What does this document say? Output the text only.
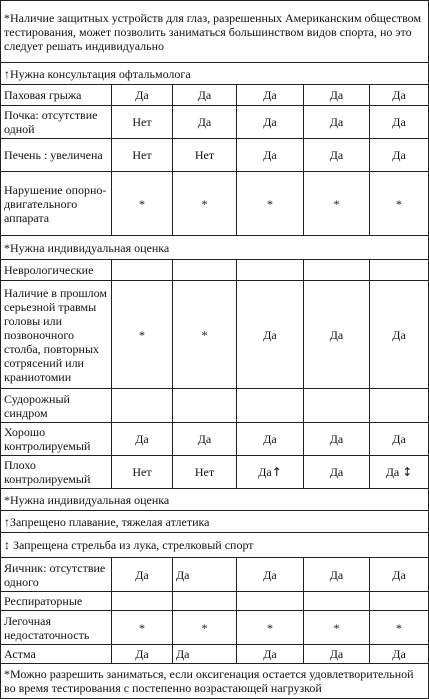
*Наличие защитных устройств для глаз, разрешенных Американским обществом тестирования, может позволить заниматься большинством видов спорта, но это следует решать индивидуально					
↑Нужна консультация офтальмолога					
Паховая грыжа	Да	Да	Да	Да	Да
Почка: отсутствие одной	Нет	Да	Да	Да	Да
Печень : увеличена	Нет	Нет	Да	Да	Да
Нарушение опорно-двигательного аппарата	*	*	*	*	*
*Нужна индивидуальная оценка					
Неврологические					
Наличие в прошлом серьезной травмы головы или позвоночного столба, повторных сотрясений или краниотомии	*	*	Да	Да	Да
Судорожный синдром					
Хорошо контролируемый	Да	Да	Да	Да	Да
Плохо контролируемый	Нет	Нет	Да↑	Да	Да ↕
*Нужна индивидуальная оценка					
↑Запрещено плавание, тяжелая атлетика					
↕ Запрещена стрельба из лука, стрелковый спорт					
Яичник: отсутствие одного	Да	Да	Да	Да	Да
Респираторные					
Легочная недостаточность	*	*	*	*	*
Астма	Да	Да	Да	Да	Да
*Можно разрешить заниматься, если оксигенация остается удовлетворительной во время тестирования с постепенно возрастающей нагрузкой					
